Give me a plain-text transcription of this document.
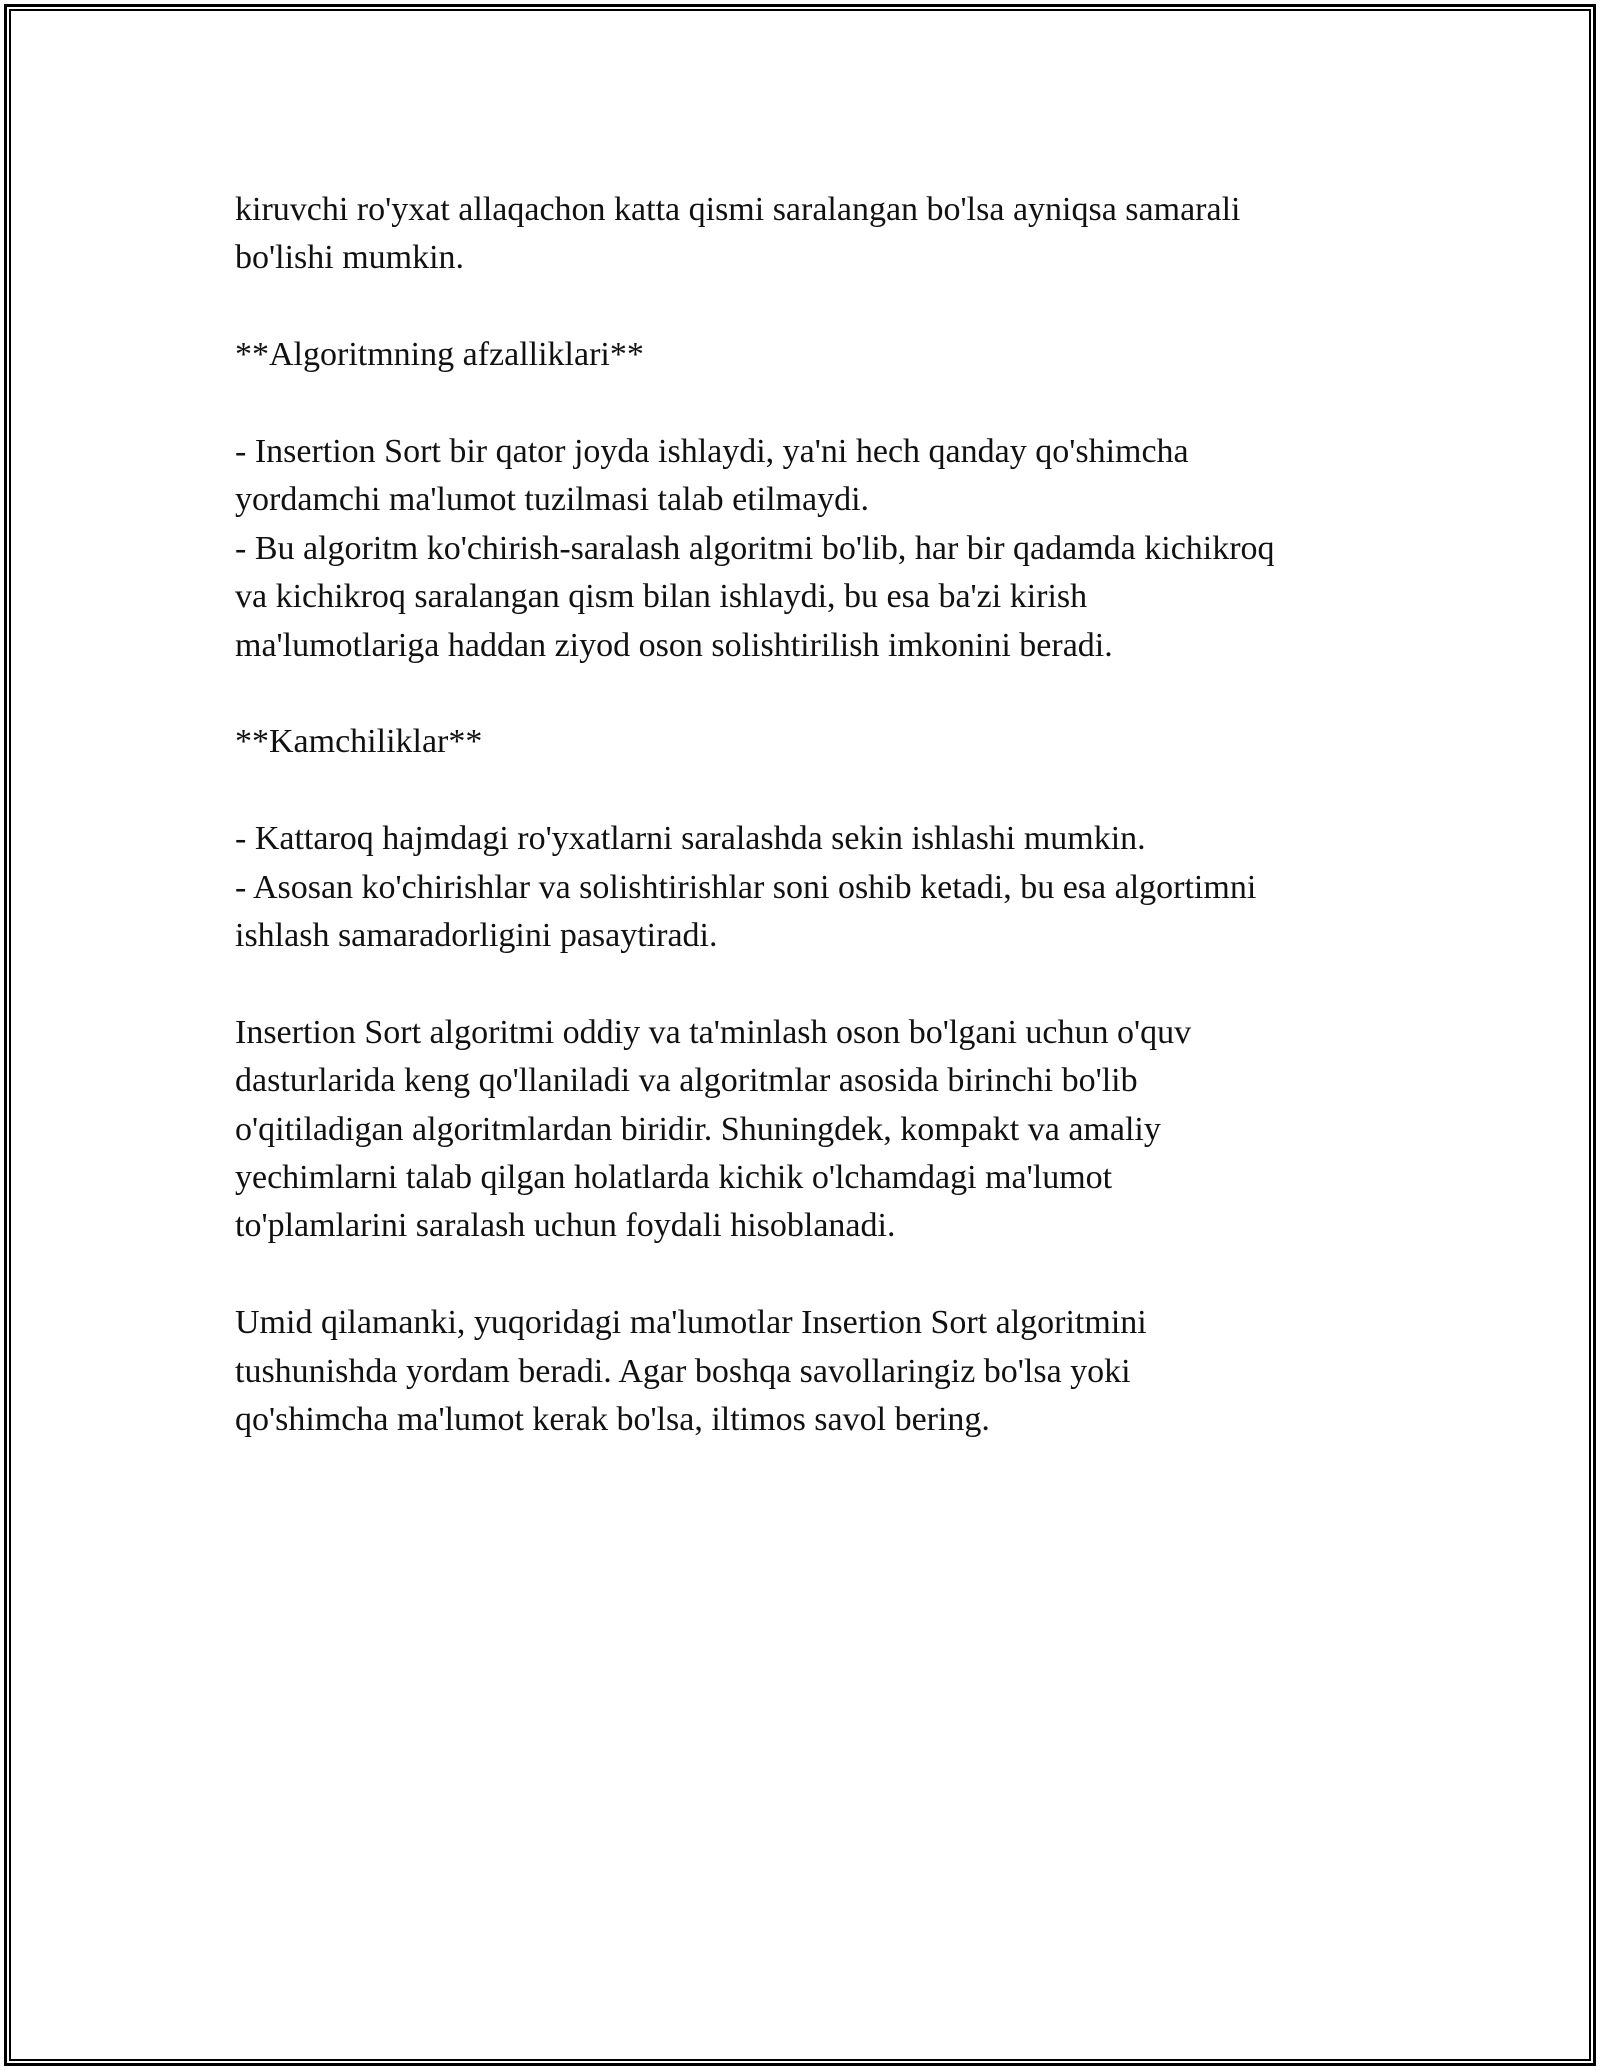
kiruvchi ro'yxat allaqachon katta qismi saralangan bo'lsa ayniqsa samarali
bo'lishi mumkin.

**Algoritmning afzalliklari**

- Insertion Sort bir qator joyda ishlaydi, ya'ni hech qanday qo'shimcha
yordamchi ma'lumot tuzilmasi talab etilmaydi.
- Bu algoritm ko'chirish-saralash algoritmi bo'lib, har bir qadamda kichikroq
va kichikroq saralangan qism bilan ishlaydi, bu esa ba'zi kirish
ma'lumotlariga haddan ziyod oson solishtirilish imkonini beradi.

**Kamchiliklar**

- Kattaroq hajmdagi ro'yxatlarni saralashda sekin ishlashi mumkin.
- Asosan ko'chirishlar va solishtirishlar soni oshib ketadi, bu esa algortimni
ishlash samaradorligini pasaytiradi.

Insertion Sort algoritmi oddiy va ta'minlash oson bo'lgani uchun o'quv
dasturlarida keng qo'llaniladi va algoritmlar asosida birinchi bo'lib
o'qitiladigan algoritmlardan biridir. Shuningdek, kompakt va amaliy
yechimlarni talab qilgan holatlarda kichik o'lchamdagi ma'lumot
to'plamlarini saralash uchun foydali hisoblanadi.

Umid qilamanki, yuqoridagi ma'lumotlar Insertion Sort algoritmini
tushunishda yordam beradi. Agar boshqa savollaringiz bo'lsa yoki
qo'shimcha ma'lumot kerak bo'lsa, iltimos savol bering.
